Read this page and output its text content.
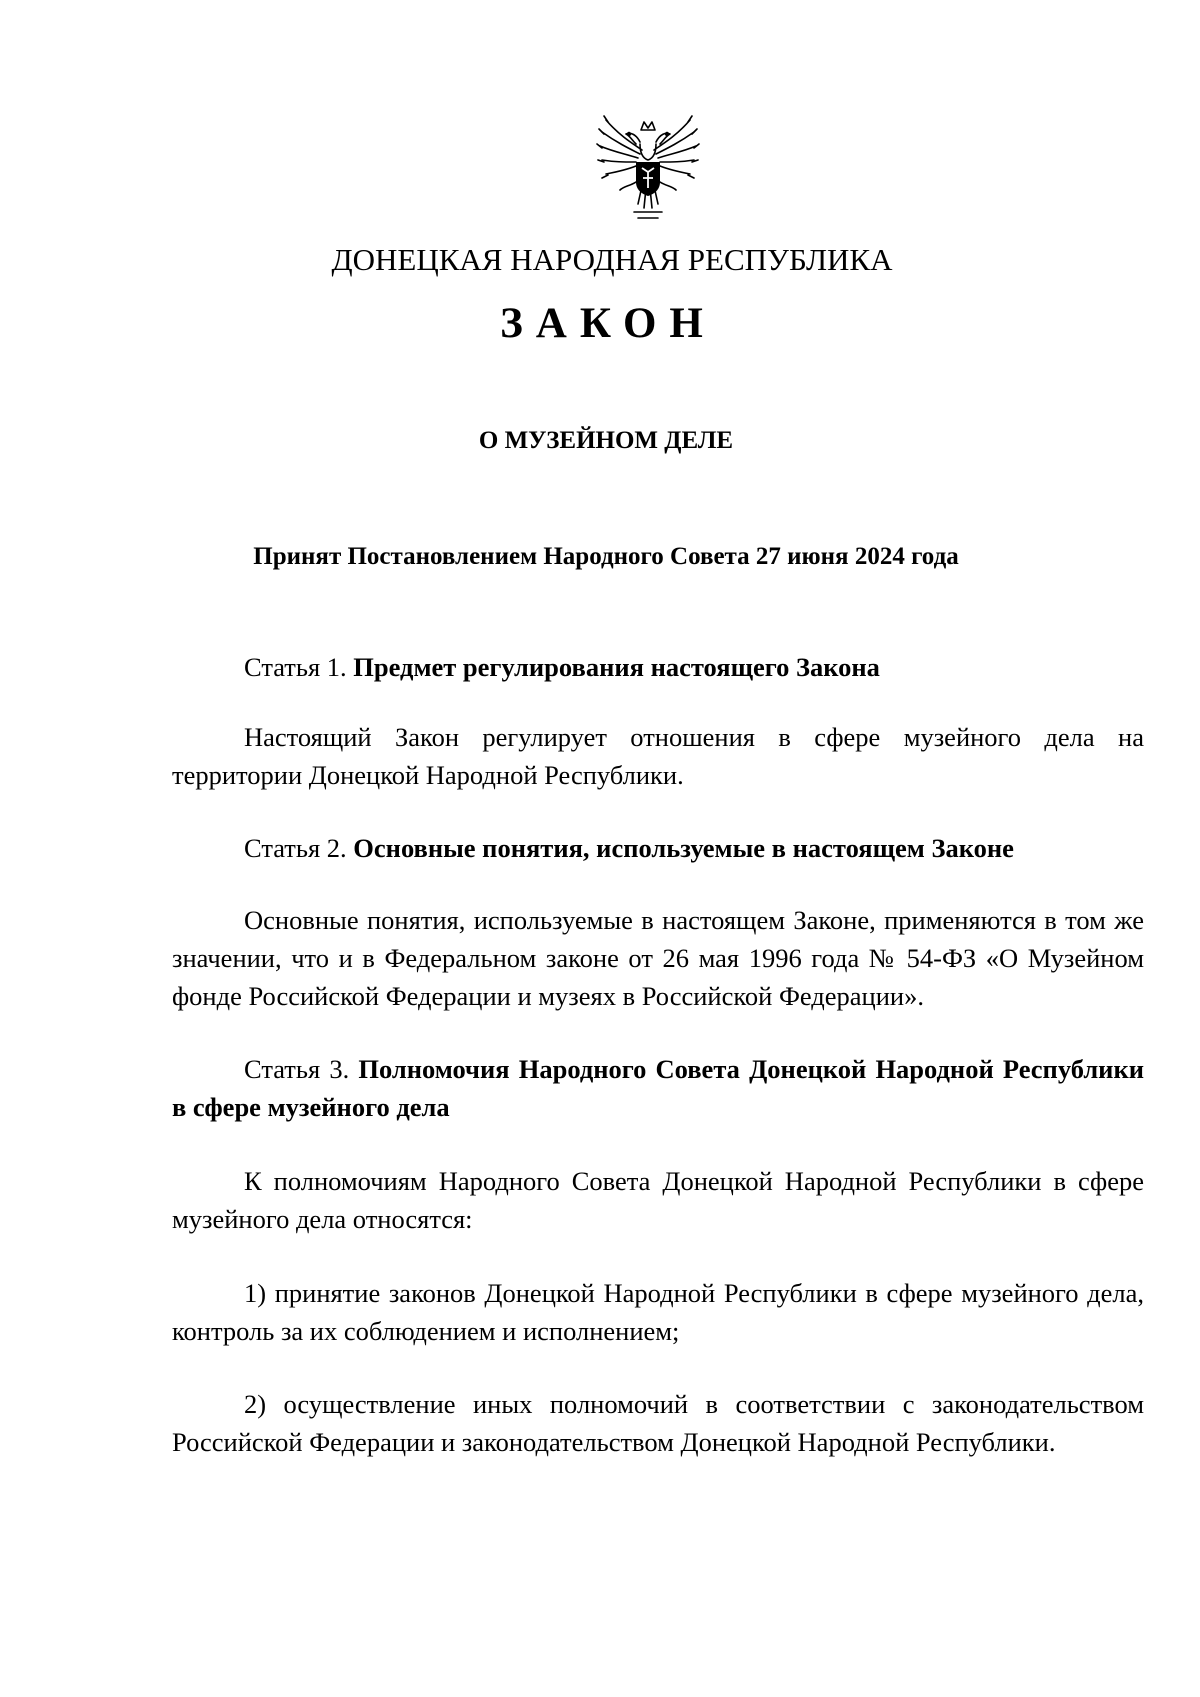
ДОНЕЦКАЯ НАРОДНАЯ РЕСПУБЛИКА
ЗАКОН
О МУЗЕЙНОМ ДЕЛЕ
Принят Постановлением Народного Совета 27 июня 2024 года

Статья 1. Предмет регулирования настоящего Закона

Настоящий Закон регулирует отношения в сфере музейного дела на территории Донецкой Народной Республики.

Статья 2. Основные понятия, используемые в настоящем Законе

Основные понятия, используемые в настоящем Законе, применяются в том же значении, что и в Федеральном законе от 26 мая 1996 года № 54-ФЗ «О Музейном фонде Российской Федерации и музеях в Российской Федерации».

Статья 3. Полномочия Народного Совета Донецкой Народной Республики в сфере музейного дела

К полномочиям Народного Совета Донецкой Народной Республики в сфере музейного дела относятся:

1) принятие законов Донецкой Народной Республики в сфере музейного дела, контроль за их соблюдением и исполнением;

2) осуществление иных полномочий в соответствии с законодательством Российской Федерации и законодательством Донецкой Народной Республики.
